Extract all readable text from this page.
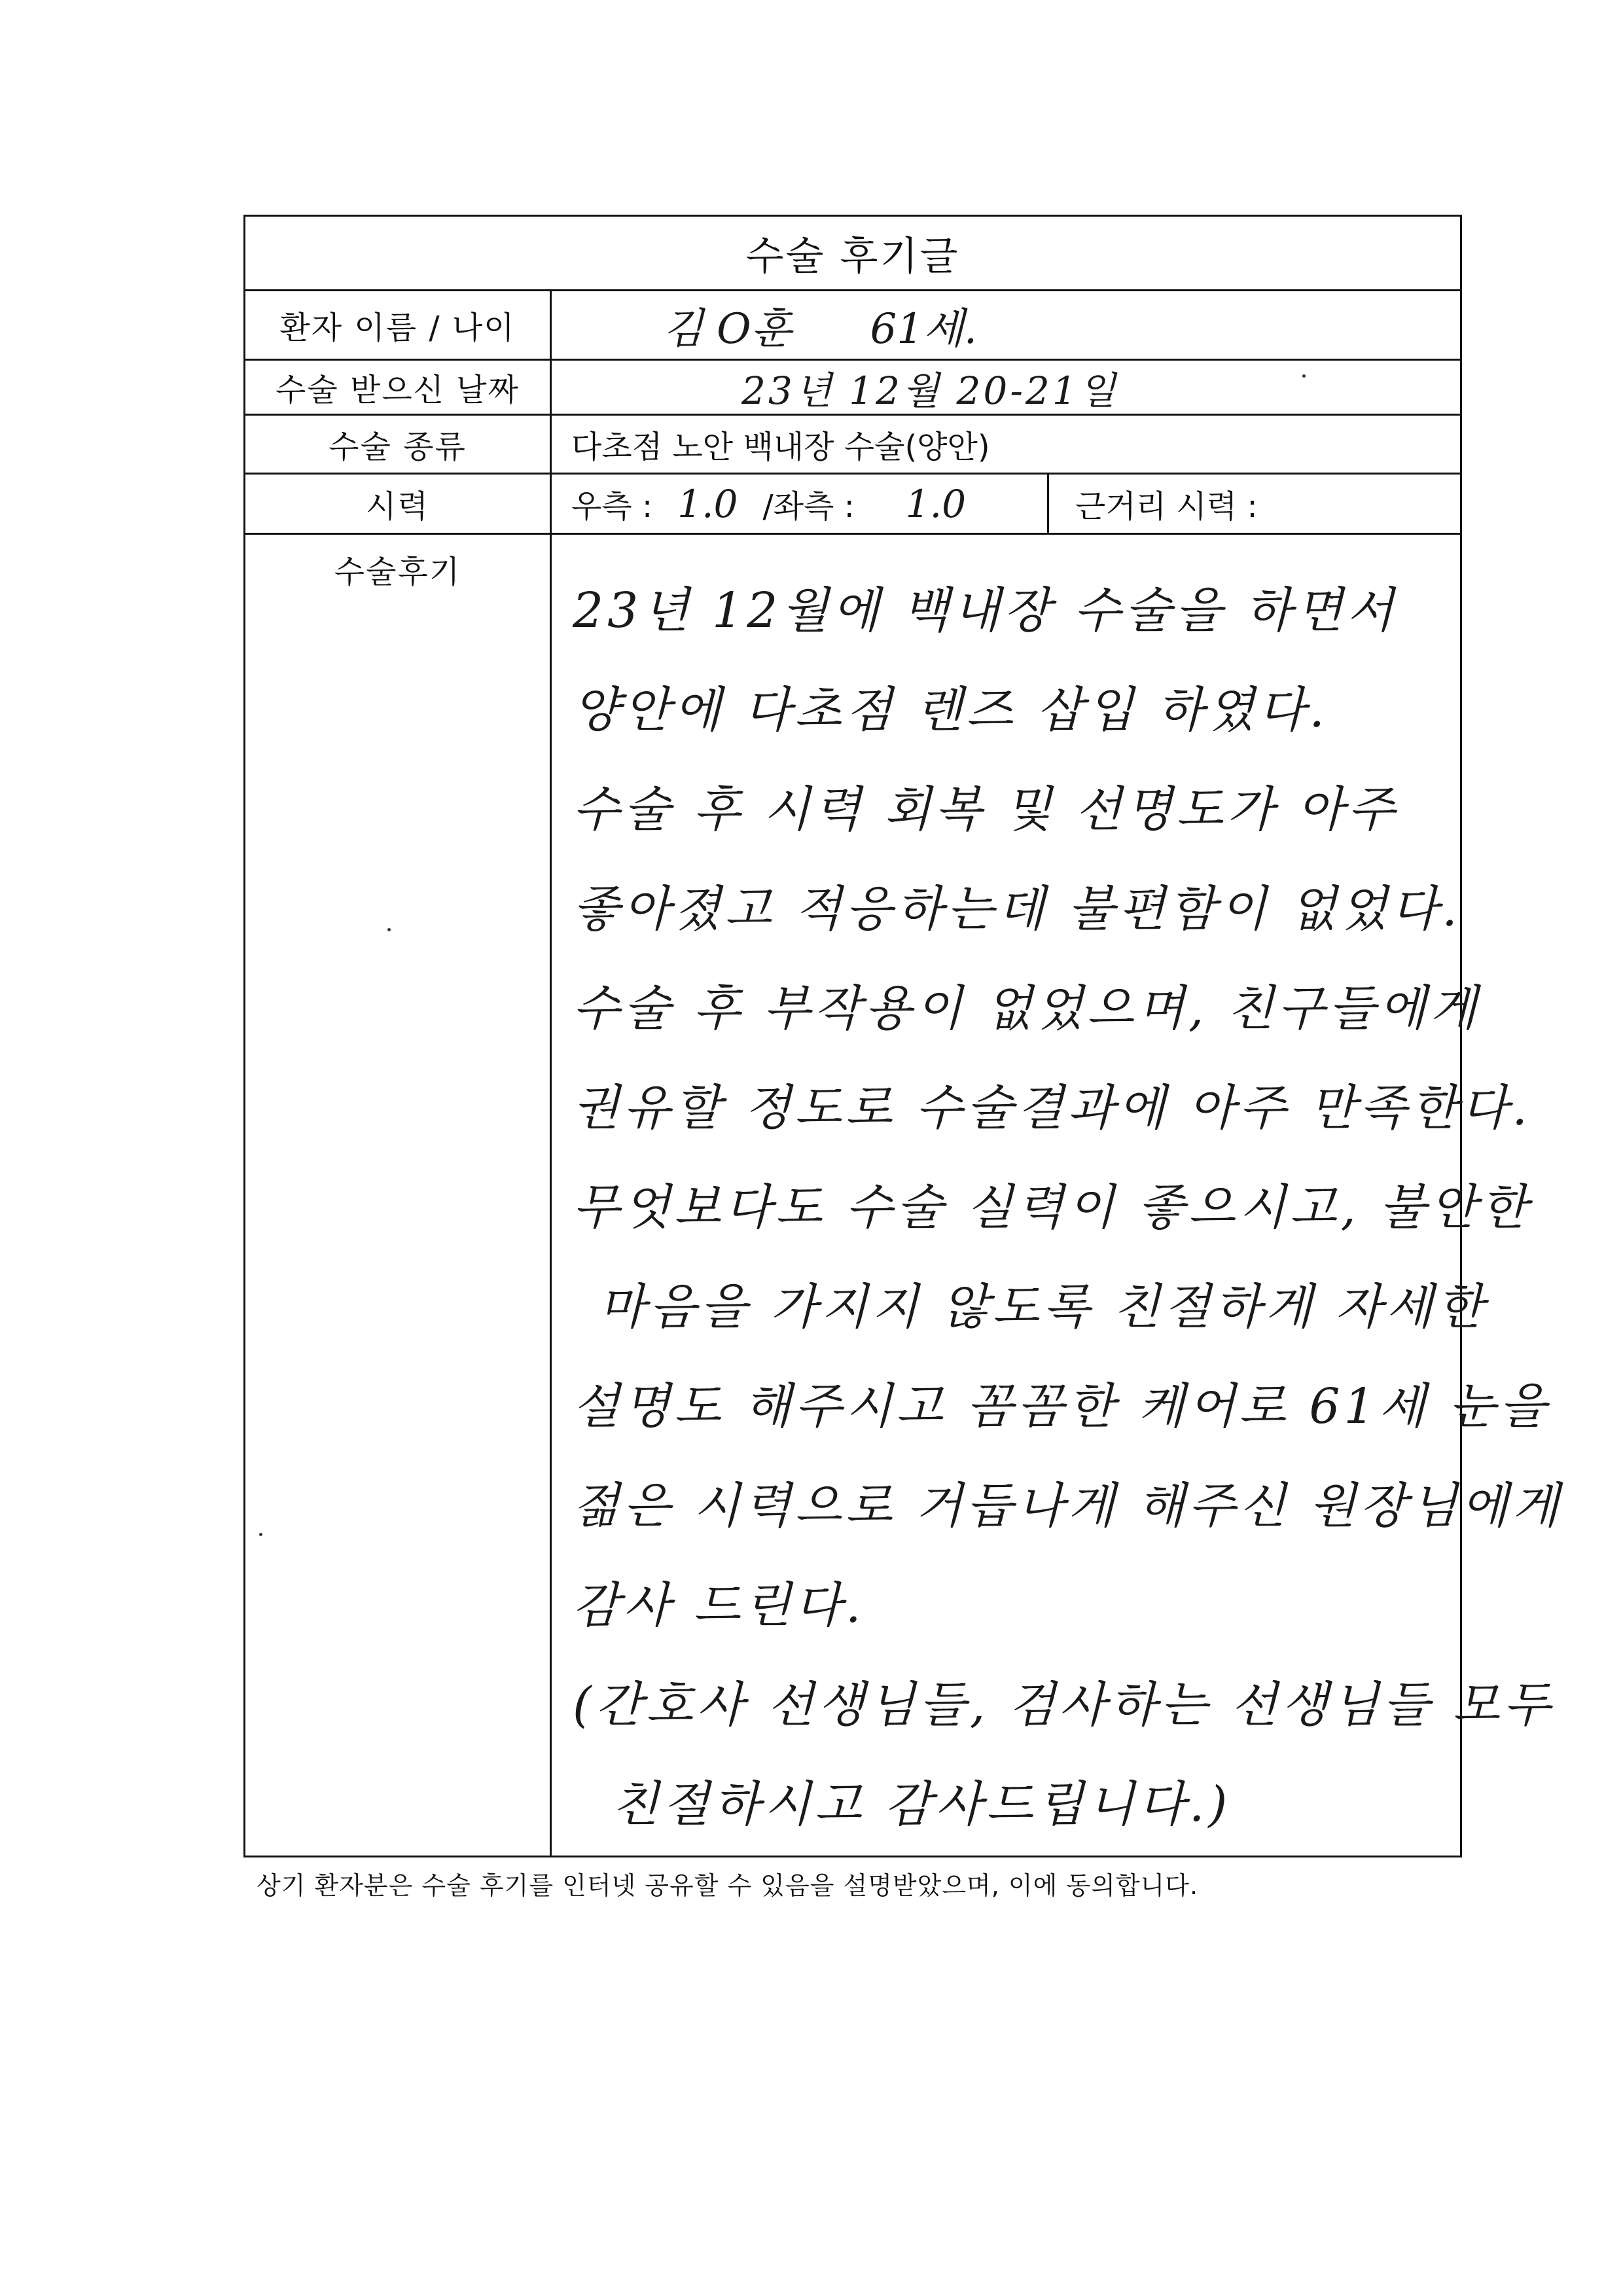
수술 후기글
환자 이름 / 나이	김 O훈 61세.
수술 받으신 날짜	23년 12월 20-21일
수술 종류	다초점 노안 백내장 수술(양안)
시력	우측 : 1.0 /좌측 : 1.0	근거리 시력 :
수술후기
23년 12월에 백내장 수술을 하면서
양안에 다초점 렌즈 삽입 하였다.
수술 후 시력 회복 및 선명도가 아주
좋아졌고 적응하는데 불편함이 없었다.
수술 후 부작용이 없었으며, 친구들에게
권유할 정도로 수술결과에 아주 만족한다.
무엇보다도 수술 실력이 좋으시고, 불안한
마음을 가지지 않도록 친절하게 자세한
설명도 해주시고 꼼꼼한 케어로 61세 눈을
젊은 시력으로 거듭나게 해주신 원장님에게
감사 드린다.
(간호사 선생님들, 검사하는 선생님들 모두
친절하시고 감사드립니다.)
상기 환자분은 수술 후기를 인터넷 공유할 수 있음을 설명받았으며, 이에 동의합니다.
